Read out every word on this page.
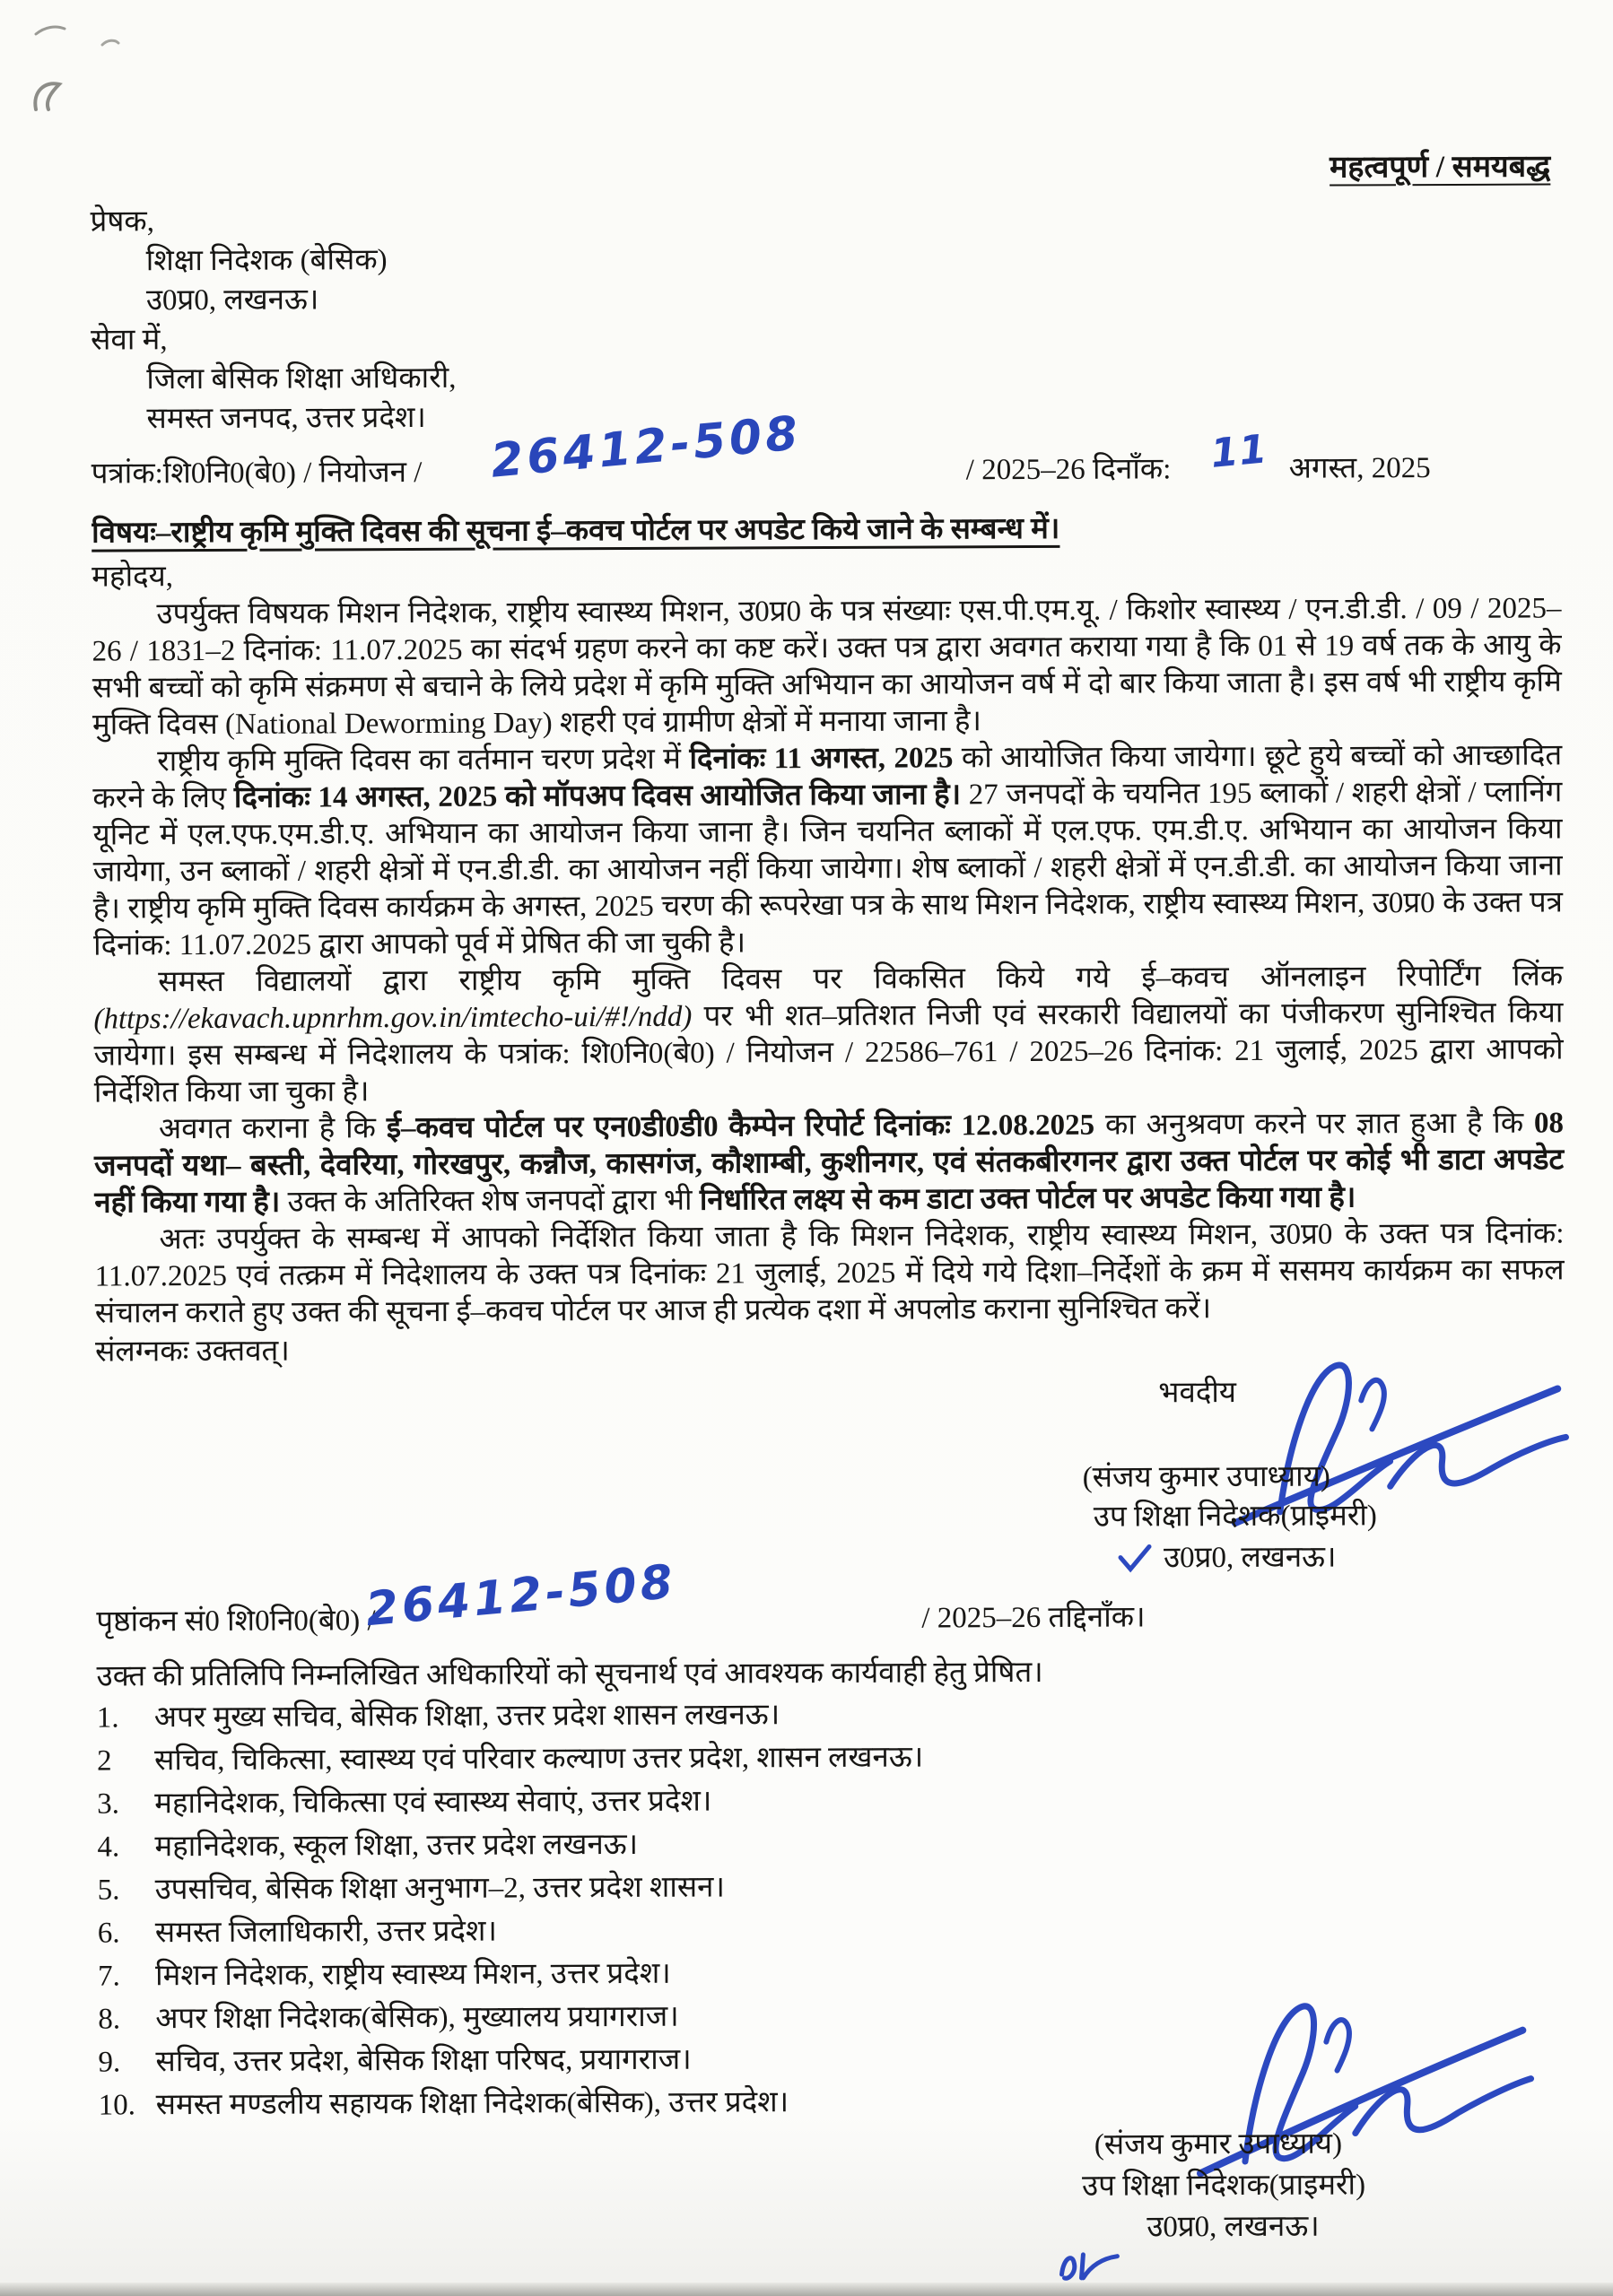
महत्वपूर्ण / समयबद्ध
प्रेषक,
शिक्षा निदेशक (बेसिक)
उ0प्र0, लखनऊ।
सेवा में,
जिला बेसिक शिक्षा अधिकारी,
समस्त जनपद, उत्तर प्रदेश।
पत्रांक:शि0नि0(बे0) / नियोजन / 26412-508	/ 2025–26 दिनाँक: 11 अगस्त, 2025
विषयः–राष्ट्रीय कृमि मुक्ति दिवस की सूचना ई–कवच पोर्टल पर अपडेट किये जाने के सम्बन्ध में।
महोदय,

उपर्युक्त विषयक मिशन निदेशक, राष्ट्रीय स्वास्थ्य मिशन, उ0प्र0 के पत्र संख्याः एस.पी.एम.यू. / किशोर स्वास्थ्य / एन.डी.डी. / 09 / 2025–26 / 1831–2 दिनांक: 11.07.2025 का संदर्भ ग्रहण करने का कष्ट करें। उक्त पत्र द्वारा अवगत कराया गया है कि 01 से 19 वर्ष तक के आयु के सभी बच्चों को कृमि संक्रमण से बचाने के लिये प्रदेश में कृमि मुक्ति अभियान का आयोजन वर्ष में दो बार किया जाता है। इस वर्ष भी राष्ट्रीय कृमि मुक्ति दिवस (National Deworming Day) शहरी एवं ग्रामीण क्षेत्रों में मनाया जाना है।

राष्ट्रीय कृमि मुक्ति दिवस का वर्तमान चरण प्रदेश में दिनांकः 11 अगस्त, 2025 को आयोजित किया जायेगा। छूटे हुये बच्चों को आच्छादित करने के लिए दिनांकः 14 अगस्त, 2025 को मॉपअप दिवस आयोजित किया जाना है। 27 जनपदों के चयनित 195 ब्लाकों / शहरी क्षेत्रों / प्लानिंग यूनिट में एल.एफ.एम.डी.ए. अभियान का आयोजन किया जाना है। जिन चयनित ब्लाकों में एल.एफ. एम.डी.ए. अभियान का आयोजन किया जायेगा, उन ब्लाकों / शहरी क्षेत्रों में एन.डी.डी. का आयोजन नहीं किया जायेगा। शेष ब्लाकों / शहरी क्षेत्रों में एन.डी.डी. का आयोजन किया जाना है। राष्ट्रीय कृमि मुक्ति दिवस कार्यक्रम के अगस्त, 2025 चरण की रूपरेखा पत्र के साथ मिशन निदेशक, राष्ट्रीय स्वास्थ्य मिशन, उ0प्र0 के उक्त पत्र दिनांक: 11.07.2025 द्वारा आपको पूर्व में प्रेषित की जा चुकी है।

समस्त विद्यालयों द्वारा राष्ट्रीय कृमि मुक्ति दिवस पर विकसित किये गये ई–कवच ऑनलाइन रिपोर्टिंग लिंक (https://ekavach.upnrhm.gov.in/imtecho-ui/#!/ndd) पर भी शत–प्रतिशत निजी एवं सरकारी विद्यालयों का पंजीकरण सुनिश्चित किया जायेगा। इस सम्बन्ध में निदेशालय के पत्रांक: शि0नि0(बे0) / नियोजन / 22586–761 / 2025–26 दिनांक: 21 जुलाई, 2025 द्वारा आपको निर्देशित किया जा चुका है।

अवगत कराना है कि ई–कवच पोर्टल पर एन0डी0डी0 कैम्पेन रिपोर्ट दिनांकः 12.08.2025 का अनुश्रवण करने पर ज्ञात हुआ है कि 08 जनपदों यथा– बस्ती, देवरिया, गोरखपुर, कन्नौज, कासगंज, कौशाम्बी, कुशीनगर, एवं संतकबीरगनर द्वारा उक्त पोर्टल पर कोई भी डाटा अपडेट नहीं किया गया है। उक्त के अतिरिक्त शेष जनपदों द्वारा भी निर्धारित लक्ष्य से कम डाटा उक्त पोर्टल पर अपडेट किया गया है।

अतः उपर्युक्त के सम्बन्ध में आपको निर्देशित किया जाता है कि मिशन निदेशक, राष्ट्रीय स्वास्थ्य मिशन, उ0प्र0 के उक्त पत्र दिनांक: 11.07.2025 एवं तत्क्रम में निदेशालय के उक्त पत्र दिनांकः 21 जुलाई, 2025 में दिये गये दिशा–निर्देशों के क्रम में ससमय कार्यक्रम का सफल संचालन कराते हुए उक्त की सूचना ई–कवच पोर्टल पर आज ही प्रत्येक दशा में अपलोड कराना सुनिश्चित करें।

संलग्नकः उक्तवत्।
भवदीय
(संजय कुमार उपाध्याय)
उप शिक्षा निदेशक(प्राइमरी)
उ0प्र0, लखनऊ।
पृष्ठांकन सं0 शि0नि0(बे0) /
26412-508	/ 2025–26 तद्दिनाँक।
उक्त की प्रतिलिपि निम्नलिखित अधिकारियों को सूचनार्थ एवं आवश्यक कार्यवाही हेतु प्रेषित।
1.	अपर मुख्य सचिव, बेसिक शिक्षा, उत्तर प्रदेश शासन लखनऊ।
2	सचिव, चिकित्सा, स्वास्थ्य एवं परिवार कल्याण उत्तर प्रदेश, शासन लखनऊ।
3.	महानिदेशक, चिकित्सा एवं स्वास्थ्य सेवाएं, उत्तर प्रदेश।
4.	महानिदेशक, स्कूल शिक्षा, उत्तर प्रदेश लखनऊ।
5.	उपसचिव, बेसिक शिक्षा अनुभाग–2, उत्तर प्रदेश शासन।
6.	समस्त जिलाधिकारी, उत्तर प्रदेश।
7.	मिशन निदेशक, राष्ट्रीय स्वास्थ्य मिशन, उत्तर प्रदेश।
8.	अपर शिक्षा निदेशक(बेसिक), मुख्यालय प्रयागराज।
9.	सचिव, उत्तर प्रदेश, बेसिक शिक्षा परिषद, प्रयागराज।
10. समस्त मण्डलीय सहायक शिक्षा निदेशक(बेसिक), उत्तर प्रदेश।
(संजय कुमार उपाध्याय)
उप शिक्षा निदेशक(प्राइमरी)
उ0प्र0, लखनऊ।
